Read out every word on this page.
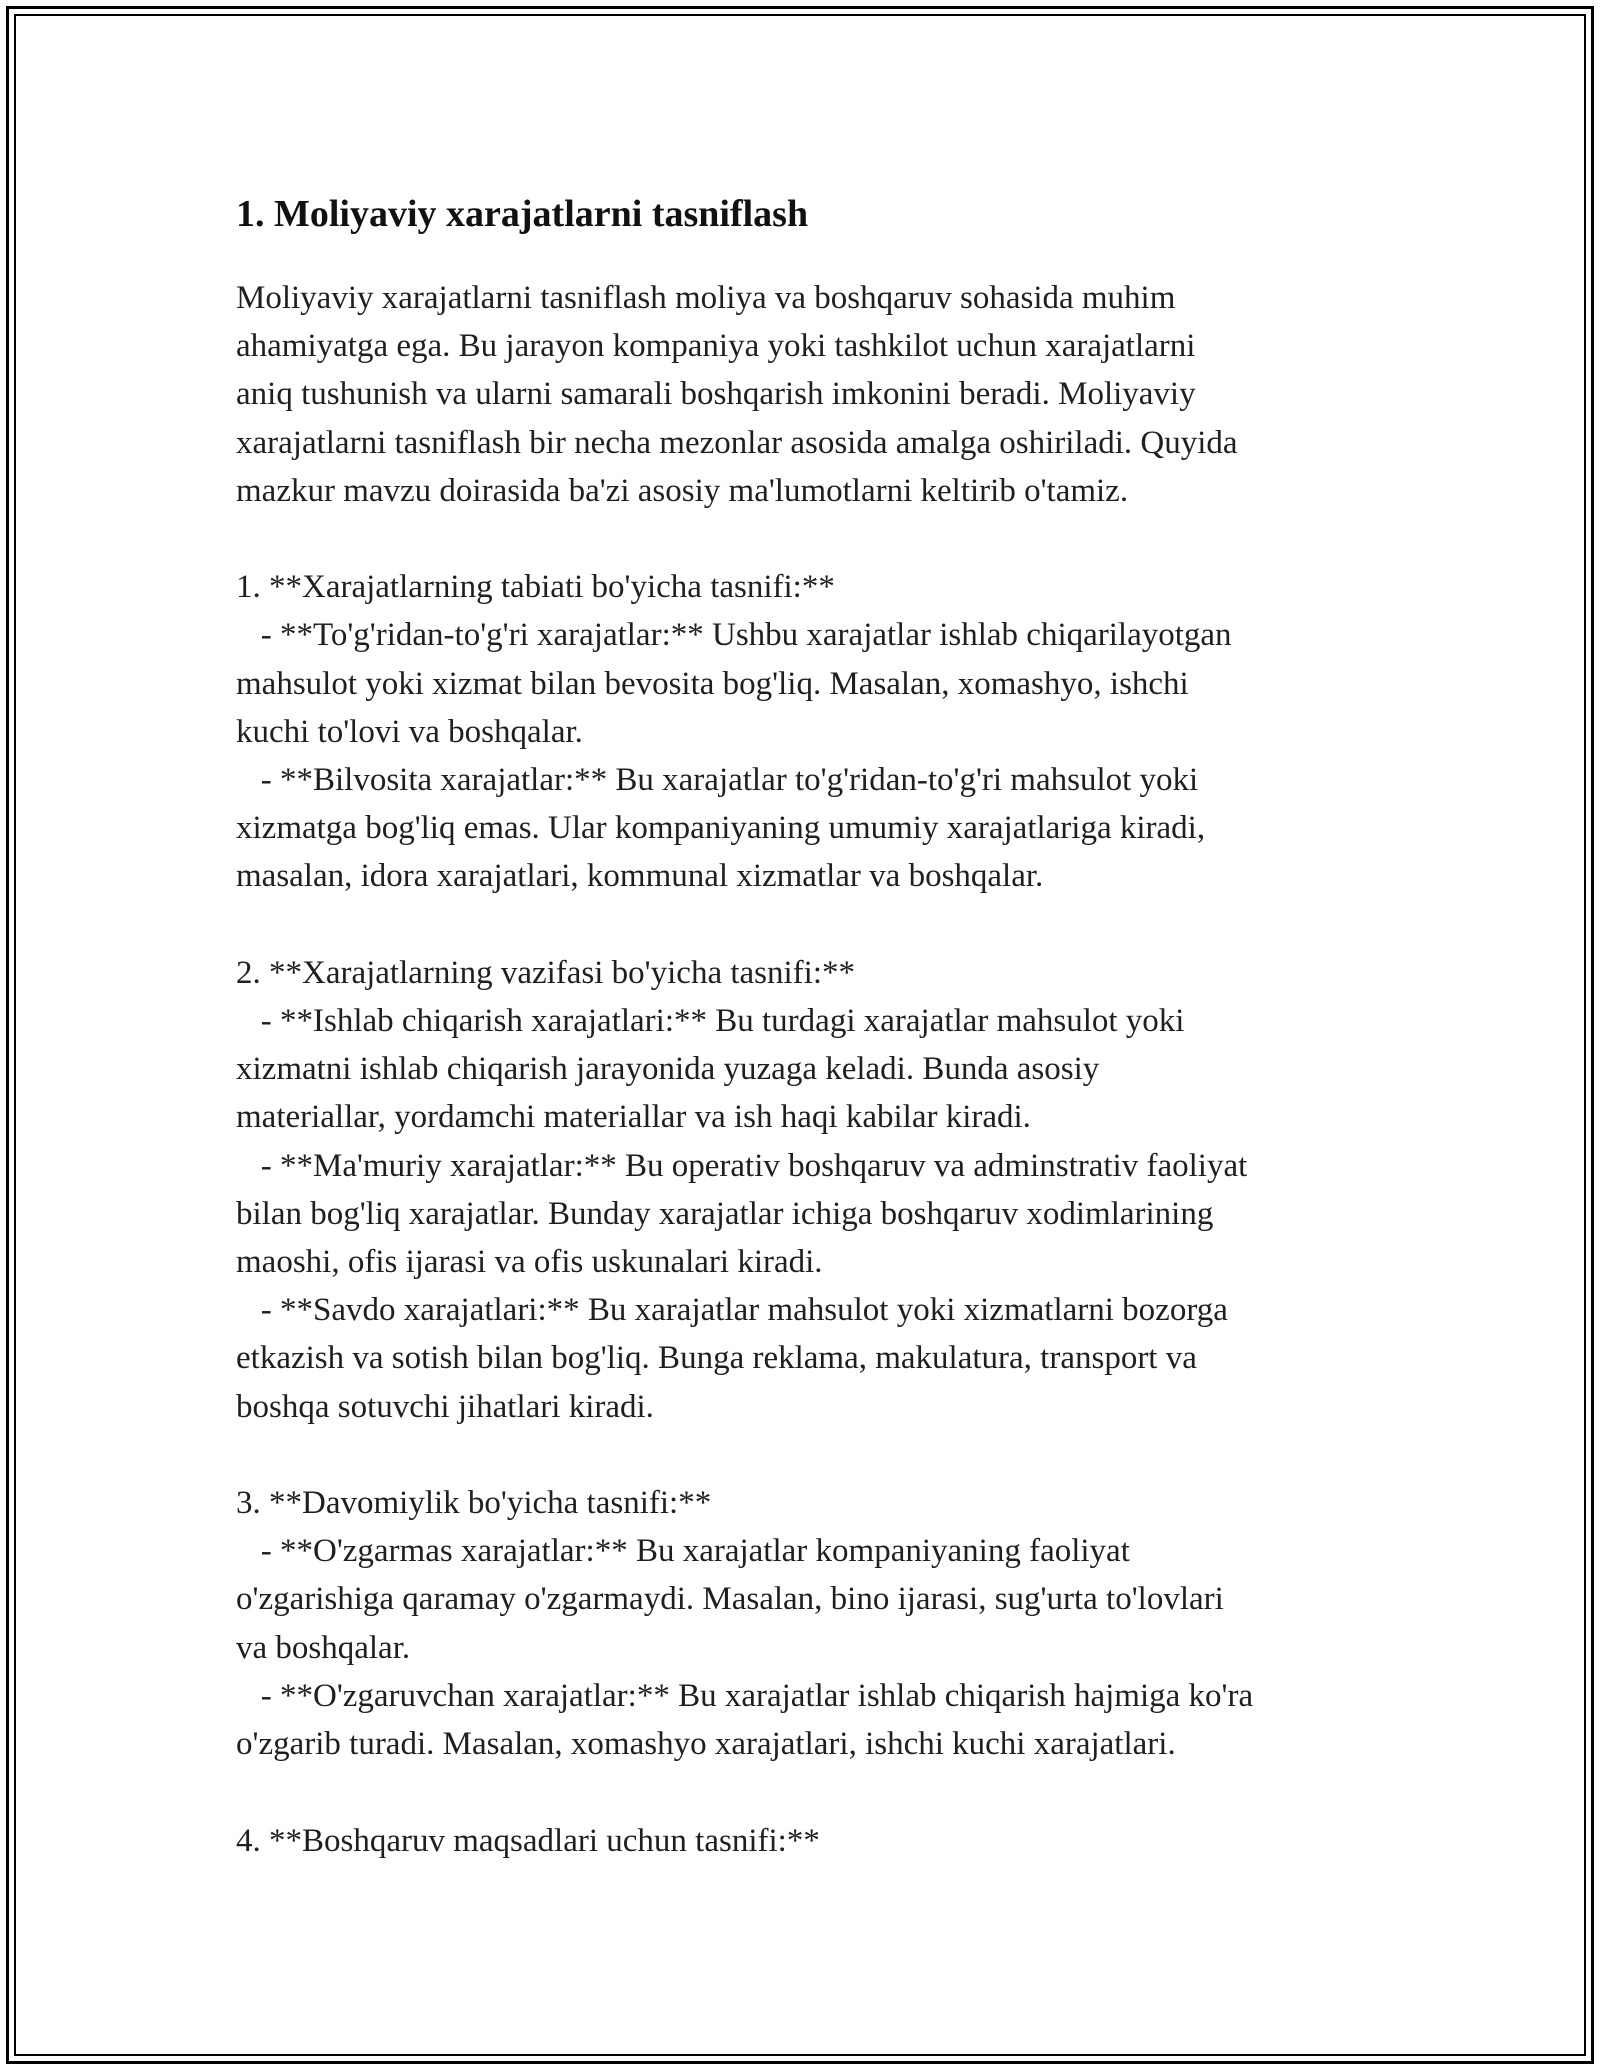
1. Moliyaviy xarajatlarni tasniflash

Moliyaviy xarajatlarni tasniflash moliya va boshqaruv sohasida muhim
ahamiyatga ega. Bu jarayon kompaniya yoki tashkilot uchun xarajatlarni
aniq tushunish va ularni samarali boshqarish imkonini beradi. Moliyaviy
xarajatlarni tasniflash bir necha mezonlar asosida amalga oshiriladi. Quyida
mazkur mavzu doirasida ba'zi asosiy ma'lumotlarni keltirib o'tamiz.

1. **Xarajatlarning tabiati bo'yicha tasnifi:**
- **To'g'ridan-to'g'ri xarajatlar:** Ushbu xarajatlar ishlab chiqarilayotgan
mahsulot yoki xizmat bilan bevosita bog'liq. Masalan, xomashyo, ishchi
kuchi to'lovi va boshqalar.
- **Bilvosita xarajatlar:** Bu xarajatlar to'g'ridan-to'g'ri mahsulot yoki
xizmatga bog'liq emas. Ular kompaniyaning umumiy xarajatlariga kiradi,
masalan, idora xarajatlari, kommunal xizmatlar va boshqalar.

2. **Xarajatlarning vazifasi bo'yicha tasnifi:**
- **Ishlab chiqarish xarajatlari:** Bu turdagi xarajatlar mahsulot yoki
xizmatni ishlab chiqarish jarayonida yuzaga keladi. Bunda asosiy
materiallar, yordamchi materiallar va ish haqi kabilar kiradi.
- **Ma'muriy xarajatlar:** Bu operativ boshqaruv va adminstrativ faoliyat
bilan bog'liq xarajatlar. Bunday xarajatlar ichiga boshqaruv xodimlarining
maoshi, ofis ijarasi va ofis uskunalari kiradi.
- **Savdo xarajatlari:** Bu xarajatlar mahsulot yoki xizmatlarni bozorga
etkazish va sotish bilan bog'liq. Bunga reklama, makulatura, transport va
boshqa sotuvchi jihatlari kiradi.

3. **Davomiylik bo'yicha tasnifi:**
- **O'zgarmas xarajatlar:** Bu xarajatlar kompaniyaning faoliyat
o'zgarishiga qaramay o'zgarmaydi. Masalan, bino ijarasi, sug'urta to'lovlari
va boshqalar.
- **O'zgaruvchan xarajatlar:** Bu xarajatlar ishlab chiqarish hajmiga ko'ra
o'zgarib turadi. Masalan, xomashyo xarajatlari, ishchi kuchi xarajatlari.

4. **Boshqaruv maqsadlari uchun tasnifi:**
